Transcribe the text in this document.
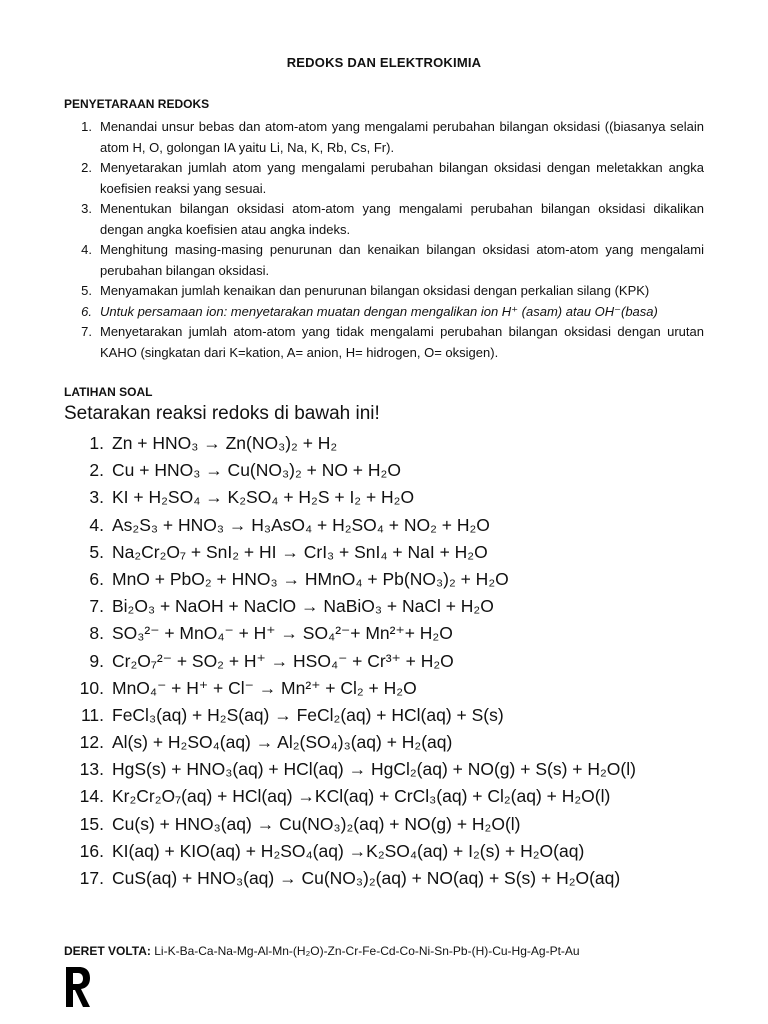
REDOKS DAN ELEKTROKIMIA
PENYETARAAN REDOKS
1. Menandai unsur bebas dan atom-atom yang mengalami perubahan bilangan oksidasi ((biasanya selain atom H, O, golongan IA yaitu Li, Na, K, Rb, Cs, Fr).
2. Menyetarakan jumlah atom yang mengalami perubahan bilangan oksidasi dengan meletakkan angka koefisien reaksi yang sesuai.
3. Menentukan bilangan oksidasi atom-atom yang mengalami perubahan bilangan oksidasi dikalikan dengan angka koefisien atau angka indeks.
4. Menghitung masing-masing penurunan dan kenaikan bilangan oksidasi atom-atom yang mengalami perubahan bilangan oksidasi.
5. Menyamakan jumlah kenaikan dan penurunan bilangan oksidasi dengan perkalian silang (KPK)
6. Untuk persamaan ion: menyetarakan muatan dengan mengalikan ion H⁺ (asam) atau OH⁻(basa)
7. Menyetarakan jumlah atom-atom yang tidak mengalami perubahan bilangan oksidasi dengan urutan KAHO (singkatan dari K=kation, A= anion, H= hidrogen, O= oksigen).
LATIHAN SOAL
Setarakan reaksi redoks di bawah ini!
1. Zn + HNO₃ → Zn(NO₃)₂ + H₂
2. Cu + HNO₃ → Cu(NO₃)₂ + NO + H₂O
3. KI + H₂SO₄ → K₂SO₄ + H₂S + I₂ + H₂O
4. As₂S₃ + HNO₃ → H₃AsO₄ + H₂SO₄ + NO₂ + H₂O
5. Na₂Cr₂O₇ + SnI₂ + HI → CrI₃ + SnI₄ + NaI + H₂O
6. MnO + PbO₂ + HNO₃ → HMnO₄ + Pb(NO₃)₂ + H₂O
7. Bi₂O₃ + NaOH + NaClO → NaBiO₃ + NaCl + H₂O
8. SO₃²⁻ + MnO₄⁻ + H⁺ → SO₄²⁻+ Mn²⁺+ H₂O
9. Cr₂O₇²⁻ + SO₂ + H⁺ → HSO₄⁻ + Cr³⁺ + H₂O
10. MnO₄⁻ + H⁺ + Cl⁻ → Mn²⁺ + Cl₂ + H₂O
11. FeCl₃(aq) + H₂S(aq) → FeCl₂(aq) + HCl(aq) + S(s)
12. Al(s) + H₂SO₄(aq) → Al₂(SO₄)₃(aq) + H₂(aq)
13. HgS(s) + HNO₃(aq) + HCl(aq) → HgCl₂(aq) + NO(g) + S(s) + H₂O(l)
14. Kr₂Cr₂O₇(aq) + HCl(aq) →KCl(aq) + CrCl₃(aq) + Cl₂(aq) + H₂O(l)
15. Cu(s) + HNO₃(aq) → Cu(NO₃)₂(aq) + NO(g) + H₂O(l)
16. KI(aq) + KIO(aq) + H₂SO₄(aq) →K₂SO₄(aq) + I₂(s) + H₂O(aq)
17. CuS(aq) + HNO₃(aq) → Cu(NO₃)₂(aq) + NO(aq) + S(s) + H₂O(aq)
DERET VOLTA: Li-K-Ba-Ca-Na-Mg-Al-Mn-(H₂O)-Zn-Cr-Fe-Cd-Co-Ni-Sn-Pb-(H)-Cu-Hg-Ag-Pt-Au
